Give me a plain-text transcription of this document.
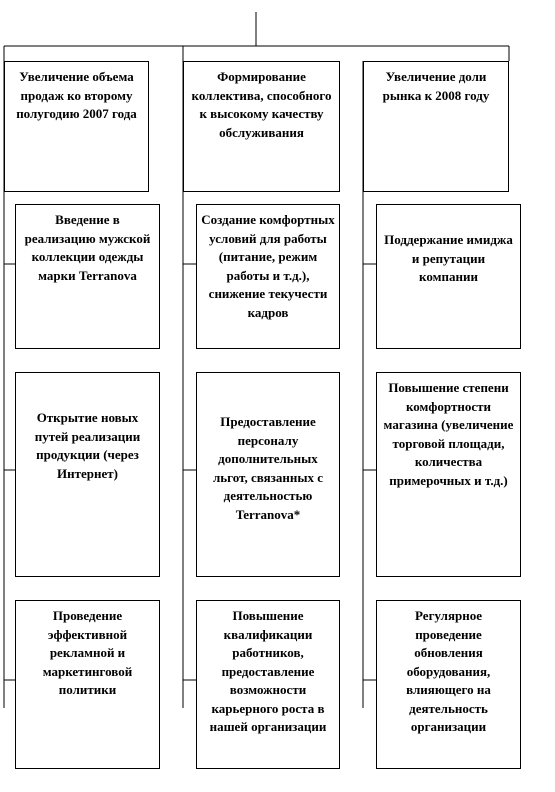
Увеличение объема продаж ко второму полугодию 2007 года
Формирование коллектива, способного к высокому качеству обслуживания
Увеличение доли рынка к 2008 году
Введение в реализацию мужской коллекции одежды марки Terranova
Открытие новых путей реализации продукции (через Интернет)
Проведение эффективной рекламной и маркетинговой политики
Создание комфортных условий для работы (питание, режим работы и т.д.), снижение текучести кадров
Предоставление персоналу дополнительных льгот, связанных с деятельностью Terranova*
Повышение квалификации работников, предоставление возможности карьерного роста в нашей организации
Поддержание имиджа и репутации компании
Повышение степени комфортности магазина (увеличение торговой площади, количества примерочных и т.д.)
Регулярное проведение обновления оборудования, влияющего на деятельность организации
